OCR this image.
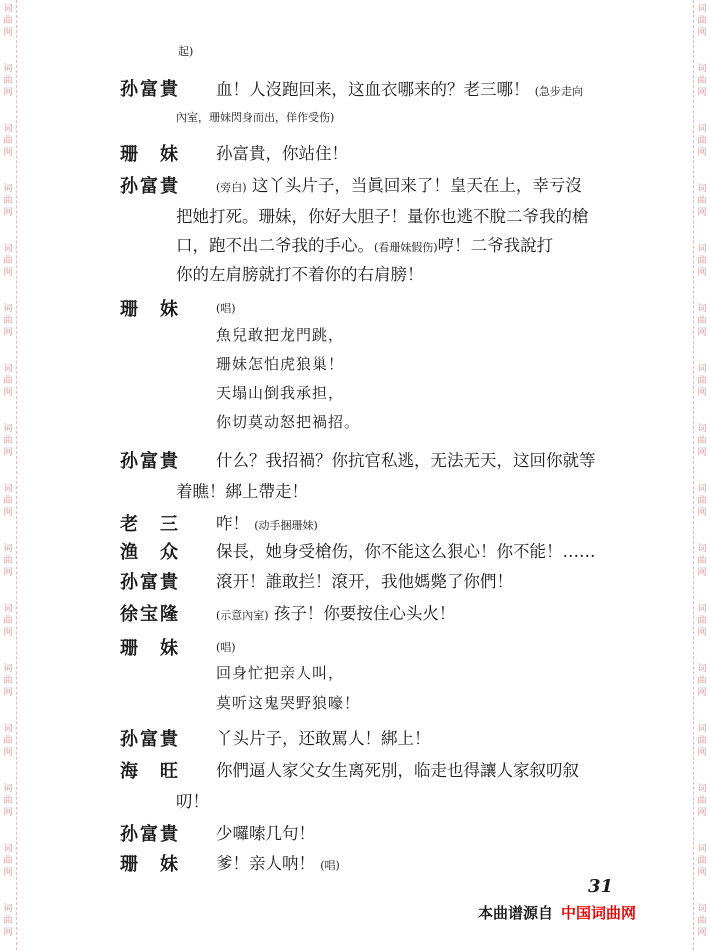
词
曲
网
词
曲
网
词
曲
网
词
曲
网
词
曲
网
词
曲
网
词
曲
网
词
曲
网
词
曲
网
词
曲
网
词
曲
网
词
曲
网
词
曲
网
词
曲
网
词
曲
网
词
曲
网
词
曲
网
词
曲
网
词
曲
网
词
曲
网
词
曲
网
词
曲
网
词
曲
网
词
曲
网
词
曲
网
词
曲
网
词
曲
网
词
曲
网
词
曲
网
词
曲
网
词
曲
网
词
曲
网
起)
孙富貴	血！人沒跑回来，这血衣哪来的？老三哪！ (急步走向
內室，珊妹閃身而出，佯作受伤)
珊　妹	孙富貴，你站住！
孙富貴	(旁白) 这丫头片子，当眞回来了！皇天在上，幸亏沒
把她打死。珊妹，你好大胆子！量你也逃不脫二爷我的槍
口，跑不出二爷我的手心。(看珊妹假伤)哼！二爷我說打
你的左肩膀就打不着你的右肩膀！
珊　妹	(唱)
魚兒敢把龙門跳，
珊妹怎怕虎狼巢！
天塌山倒我承担，
你切莫动怒把禍招。
孙富貴	什么？我招禍？你抗官私逃，无法无天，这回你就等
着瞧！綁上帶走！
老　三	咋！ (动手捆珊妹)
渔　众	保長，她身受槍伤，你不能这么狠心！你不能！……
孙富貴	滾开！誰敢拦！滾开，我他媽斃了你們！
徐宝隆	(示意內室) 孩子！你要按住心头火！
珊　妹	(唱)
回身忙把亲人叫，
莫听这鬼哭野狼嚎！
孙富貴	丫头片子，还敢罵人！綁上！
海　旺	你們逼人家父女生离死別，临走也得讓人家叙叨叙
叨！
孙富貴	少囉嗦几句！
珊　妹	爹！亲人呐！ (唱)
31
本曲谱源自 中国词曲网
